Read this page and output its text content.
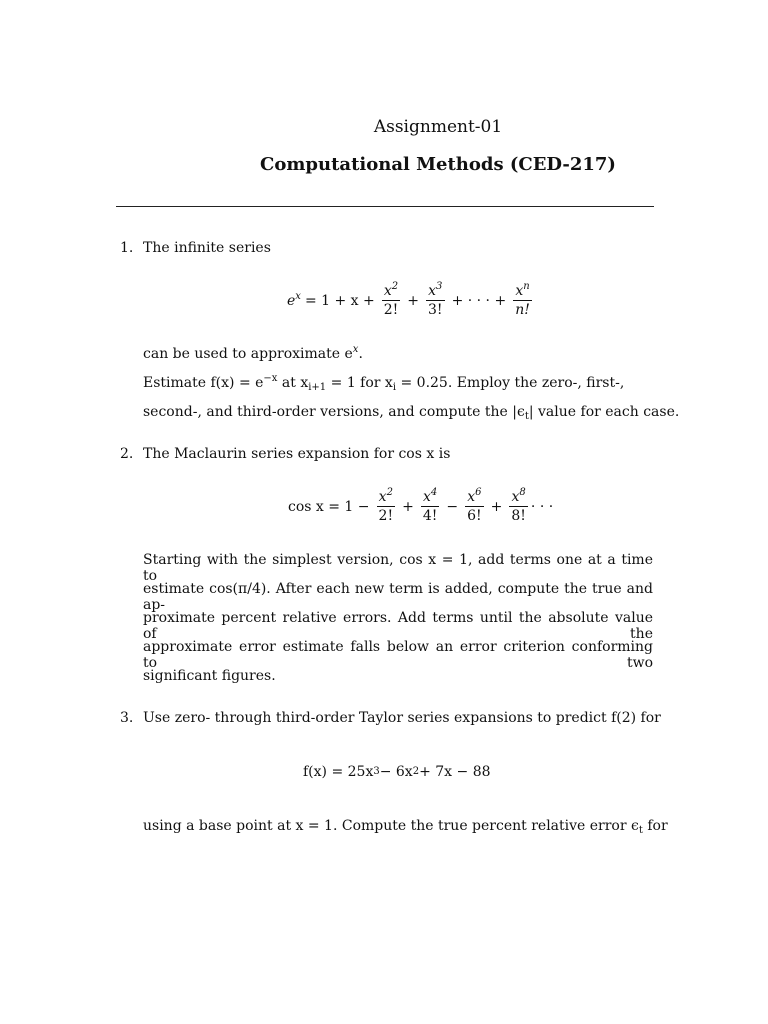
Assignment-01
Computational Methods (CED-217)
1. The infinite series
$e^x = 1 + x + \frac{x^2}{2!} + \frac{x^3}{3!}$ + · · · + $\frac{x^n}{n!}$
can be used to approximate $e^x$.
Estimate $f(x) = e^{-x}$ at $x_{i+1} = 1$ for $x_i = 0.25$. Employ the zero-, first-,
second-, and third-order versions, and compute the $|\epsilon_t|$ value for each case.
2. The Maclaurin series expansion for cos x is
$\cos x = 1 - \frac{x^2}{2!} + \frac{x^4}{4!} - \frac{x^6}{6!} + \frac{x^8}{8!}$ · · ·
Starting with the simplest version, cos x = 1, add terms one at a time to
estimate cos(π/4). After each new term is added, compute the true and ap-
proximate percent relative errors. Add terms until the absolute value of the
approximate error estimate falls below an error criterion conforming to two
significant figures.
3. Use zero- through third-order Taylor series expansions to predict f(2) for
f(x) = 25x 3 − 6x 2 + 7x − 88
using a base point at x = 1. Compute the true percent relative error $\epsilon_t$ for
